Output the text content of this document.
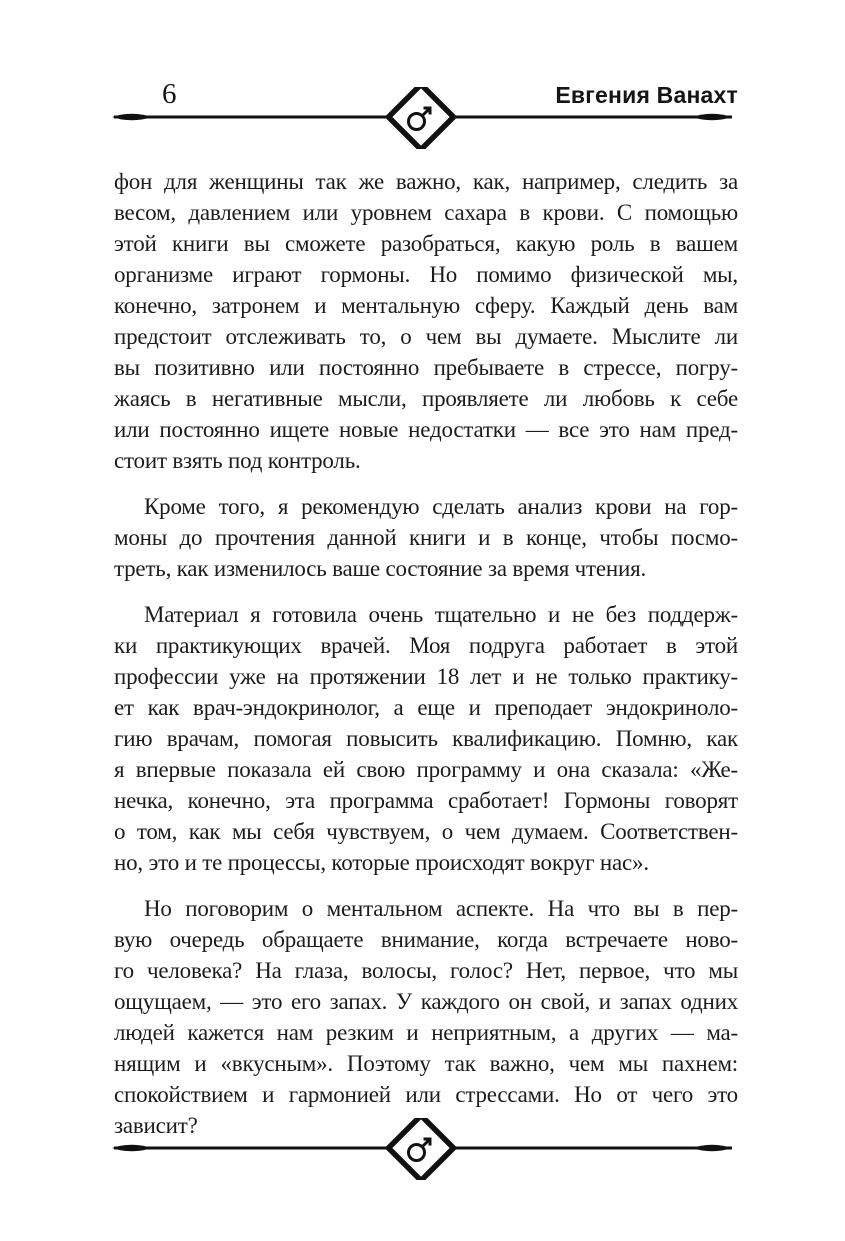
6	Евгения Ванахт

фон для женщины так же важно, как, например, следить за
весом, давлением или уровнем сахара в крови. С помощью
этой книги вы сможете разобраться, какую роль в вашем
организме играют гормоны. Но помимо физической мы,
конечно, затронем и ментальную сферу. Каждый день вам
предстоит отслеживать то, о чем вы думаете. Мыслите ли
вы позитивно или постоянно пребываете в стрессе, погру-
жаясь в негативные мысли, проявляете ли любовь к себе
или постоянно ищете новые недостатки — все это нам пред-
стоит взять под контроль.

Кроме того, я рекомендую сделать анализ крови на гор-
моны до прочтения данной книги и в конце, чтобы посмо-
треть, как изменилось ваше состояние за время чтения.

Материал я готовила очень тщательно и не без поддерж-
ки практикующих врачей. Моя подруга работает в этой
профессии уже на протяжении 18 лет и не только практику-
ет как врач-эндокринолог, а еще и преподает эндокриноло-
гию врачам, помогая повысить квалификацию. Помню, как
я впервые показала ей свою программу и она сказала: «Же-
нечка, конечно, эта программа сработает! Гормоны говорят
о том, как мы себя чувствуем, о чем думаем. Соответствен-
но, это и те процессы, которые происходят вокруг нас».

Но поговорим о ментальном аспекте. На что вы в пер-
вую очередь обращаете внимание, когда встречаете ново-
го человека? На глаза, волосы, голос? Нет, первое, что мы
ощущаем, — это его запах. У каждого он свой, и запах одних
людей кажется нам резким и неприятным, а других — ма-
нящим и «вкусным». Поэтому так важно, чем мы пахнем:
спокойствием и гармонией или стрессами. Но от чего это
зависит?
